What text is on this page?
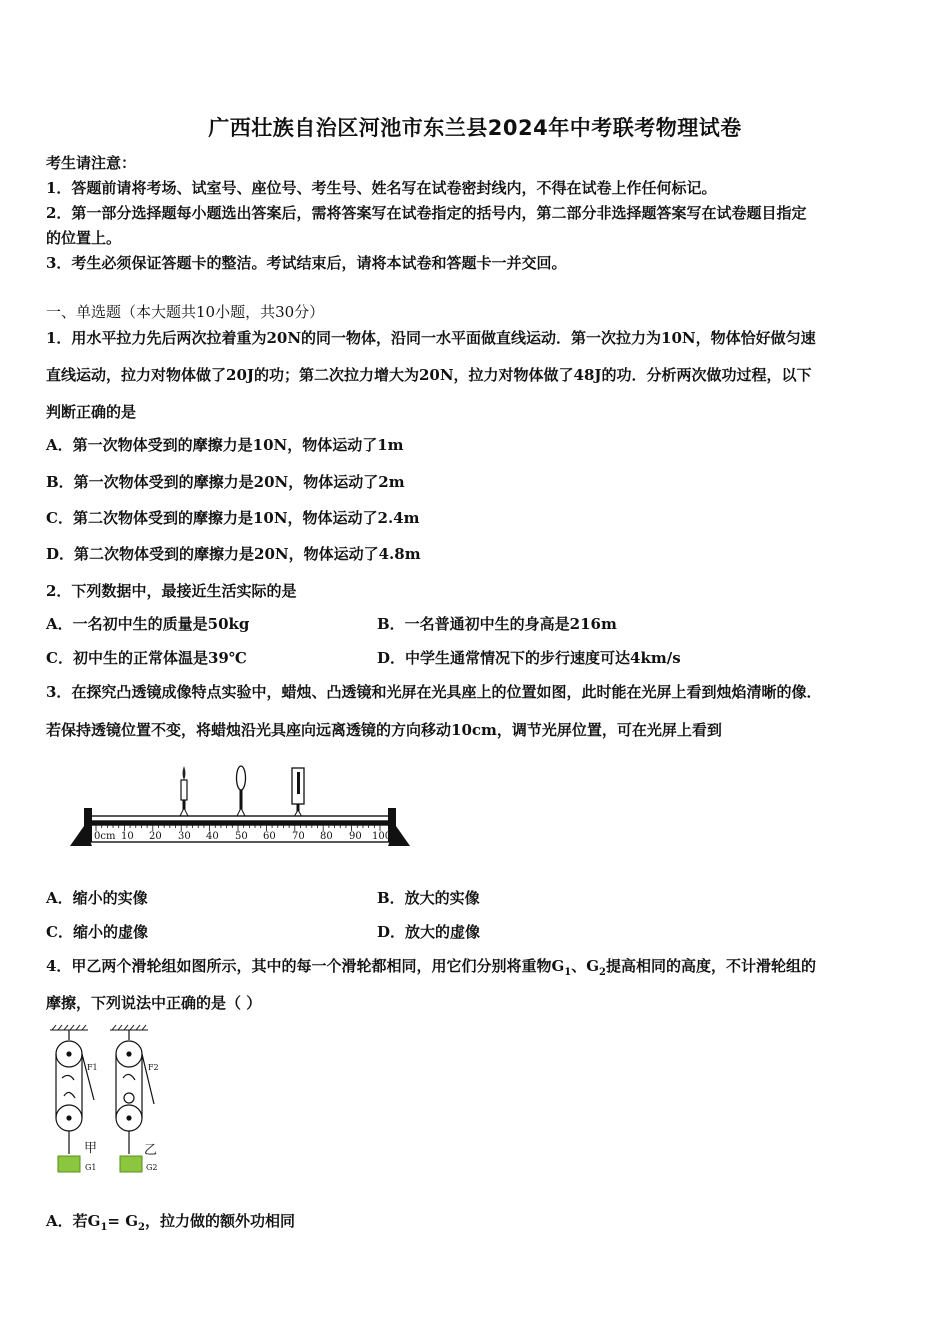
广西壮族自治区河池市东兰县2024年中考联考物理试卷
考生请注意：
1．答题前请将考场、试室号、座位号、考生号、姓名写在试卷密封线内，不得在试卷上作任何标记。
2．第一部分选择题每小题选出答案后，需将答案写在试卷指定的括号内，第二部分非选择题答案写在试卷题目指定
的位置上。
3．考生必须保证答题卡的整洁。考试结束后，请将本试卷和答题卡一并交回。
一、单选题（本大题共10小题，共30分）
1．用水平拉力先后两次拉着重为20N的同一物体，沿同一水平面做直线运动．第一次拉力为10N，物体恰好做匀速
直线运动，拉力对物体做了20J的功；第二次拉力增大为20N，拉力对物体做了48J的功．分析两次做功过程，以下
判断正确的是
A．第一次物体受到的摩擦力是10N，物体运动了1m
B．第一次物体受到的摩擦力是20N，物体运动了2m
C．第二次物体受到的摩擦力是10N，物体运动了2.4m
D．第二次物体受到的摩擦力是20N，物体运动了4.8m
2．下列数据中，最接近生活实际的是
A．一名初中生的质量是50kg	B．一名普通初中生的身高是216m
C．初中生的正常体温是39℃	D．中学生通常情况下的步行速度可达4km/s
3．在探究凸透镜成像特点实验中，蜡烛、凸透镜和光屏在光具座上的位置如图，此时能在光屏上看到烛焰清晰的像．
若保持透镜位置不变，将蜡烛沿光具座向远离透镜的方向移动10cm，调节光屏位置，可在光屏上看到
0cm 10 20 30 40 50 60 70 80 90 100
A．缩小的实像	B．放大的实像
C．缩小的虚像	D．放大的虚像
4．甲乙两个滑轮组如图所示，其中的每一个滑轮都相同，用它们分别将重物$G_1$、$G_2$提高相同的高度，不计滑轮组的
摩擦，下列说法中正确的是（ ）
F1	F2
甲	乙
G1	G2
A．若$G_1= G_2$，拉力做的额外功相同
